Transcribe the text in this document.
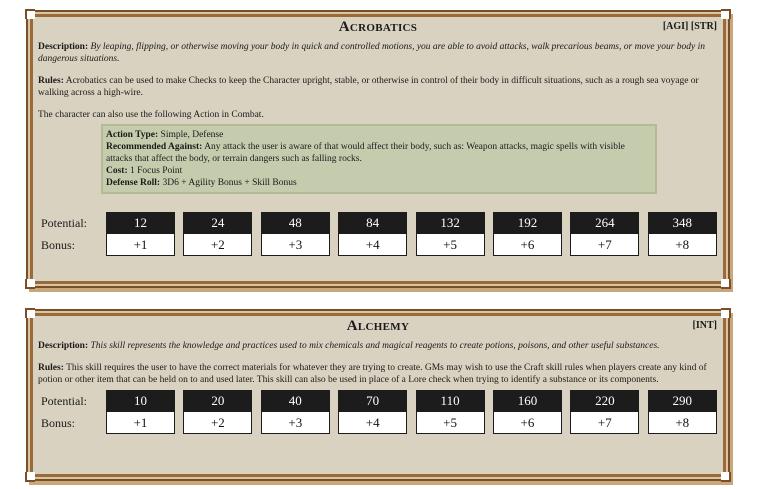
Acrobatics	[AGI] [STR]

Description: By leaping, flipping, or otherwise moving your body in quick and controlled motions, you are able to avoid attacks, walk precarious beams, or move your body in dangerous situations.

Rules: Acrobatics can be used to make Checks to keep the Character upright, stable, or otherwise in control of their body in difficult situations, such as a rough sea voyage or walking across a high-wire.

The character can also use the following Action in Combat.

Action Type: Simple, Defense
Recommended Against: Any attack the user is aware of that would affect their body, such as: Weapon attacks, magic spells with visible attacks that affect the body, or terrain dangers such as falling rocks.
Cost: 1 Focus Point
Defense Roll: 3D6 + Agility Bonus + Skill Bonus
Potential:	12	24	48	84	132	192	264	348
Bonus:	+1	+2	+3	+4	+5	+6	+7	+8
Alchemy	[INT]

Description: This skill represents the knowledge and practices used to mix chemicals and magical reagents to create potions, poisons, and other useful substances.

Rules: This skill requires the user to have the correct materials for whatever they are trying to create. GMs may wish to use the Craft skill rules when players create any kind of potion or other item that can be held on to and used later. This skill can also be used in place of a Lore check when trying to identify a substance or its components.

Potential:	10	20	40	70	110	160	220	290
Bonus:	+1	+2	+3	+4	+5	+6	+7	+8
